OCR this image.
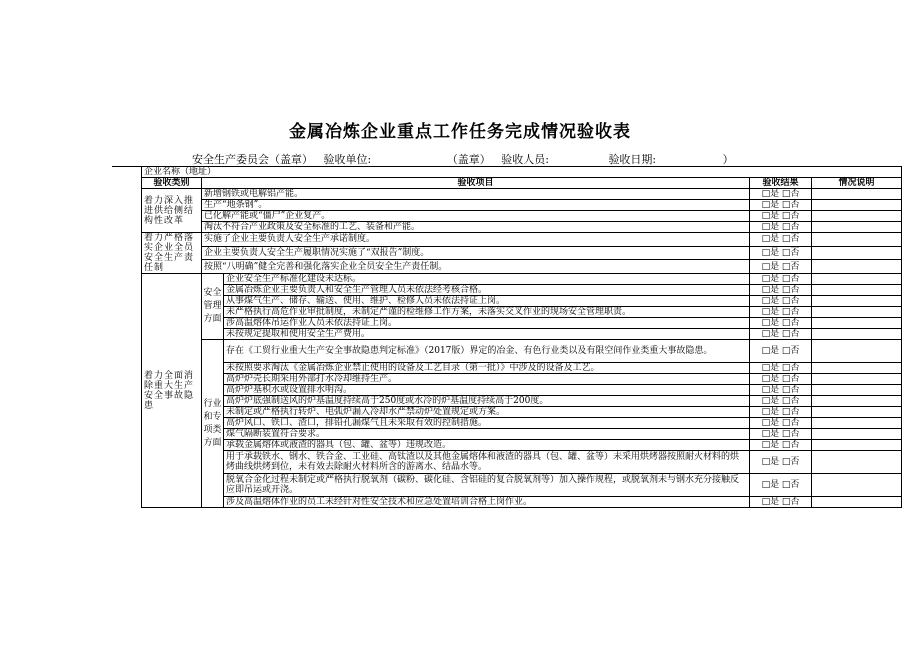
金属冶炼企业重点工作任务完成情况验收表
安全生产委员会（盖章） 验收单位:	（盖章） 验收人员:	验收日期:	）
企业名称（地址）				
验收类别	验收项目		验收结果	情况说明
着力深入推进供给侧结构性改革	新增钢铁或电解铝产能。		□是 □否	
	生产“地条钢”。		□是 □否	
	已化解产能或“僵尸”企业复产。		□是 □否	
	淘汰不符合产业政策及安全标准的工艺、装备和产能。		□是 □否	
着力严格落实企业全员安全生产责任制	实施了企业主要负责人安全生产承诺制度。		□是 □否	
	企业主要负责人安全生产履职情况实施了“双报告”制度。		□是 □否	
	按照“八明确”健全完善和强化落实企业全员安全生产责任制。		□是 □否	
着力全面消除重大生产安全事故隐患	安全管理方面	企业安全生产标准化建设未达标。	□是 □否	
		金属冶炼企业主要负责人和安全生产管理人员未依法经考核合格。	□是 □否	
		从事煤气生产、储存、输送、使用、维护、检修人员未依法持证上岗。	□是 □否	
		未严格执行高危作业审批制度，未制定严谨的检维修工作方案，未落实交叉作业的现场安全管理职责。	□是 □否	
		涉高温熔体吊运作业人员未依法持证上岗。	□是 □否	
		未按规定提取和使用安全生产费用。	□是 □否	
	行业和专项类方面	存在《工贸行业重大生产安全事故隐患判定标准》（2017版）界定的冶金、有色行业类以及有限空间作业类重大事故隐患。	□是 □否	
		未按照要求淘汰《金属冶炼企业禁止使用的设备及工艺目录（第一批）》中涉及的设备及工艺。	□是 □否	
		高炉炉壳长期采用外部打水冷却维持生产。	□是 □否	
		高炉炉基积水或设置排水明沟。	□是 □否	
		高炉炉底强制送风的炉基温度持续高于250度或水冷的炉基温度持续高于200度。	□是 □否	
		未制定或严格执行转炉、电弧炉漏入冷却水严禁动炉处置规定或方案。	□是 □否	
		高炉风口、铁口、渣口，排铅孔漏煤气且未采取有效的控制措施。	□是 □否	
		煤气隔断装置符合要求。	□是 □否	
		承载金属熔体或液渣的器具（包、罐、盆等）违规改造。	□是 □否	
		用于承载铁水、钢水、铁合金、工业硅、高钛渣以及其他金属熔体和液渣的器具（包、罐、盆等）未采用烘烤器按照耐火材料的烘烤曲线烘烤到位，未有效去除耐火材料所含的游离水、结晶水等。	□是 □否	
		脱氧合金化过程未制定或严格执行脱氧剂（碳粉、碳化硅、含铝硅的复合脱氧剂等）加入操作规程，或脱氧剂未与钢水充分接触反应即吊运或开浇。	□是 □否	
		涉及高温熔体作业的员工未经针对性安全技术和应急处置培训合格上岗作业。	□是 □否	
